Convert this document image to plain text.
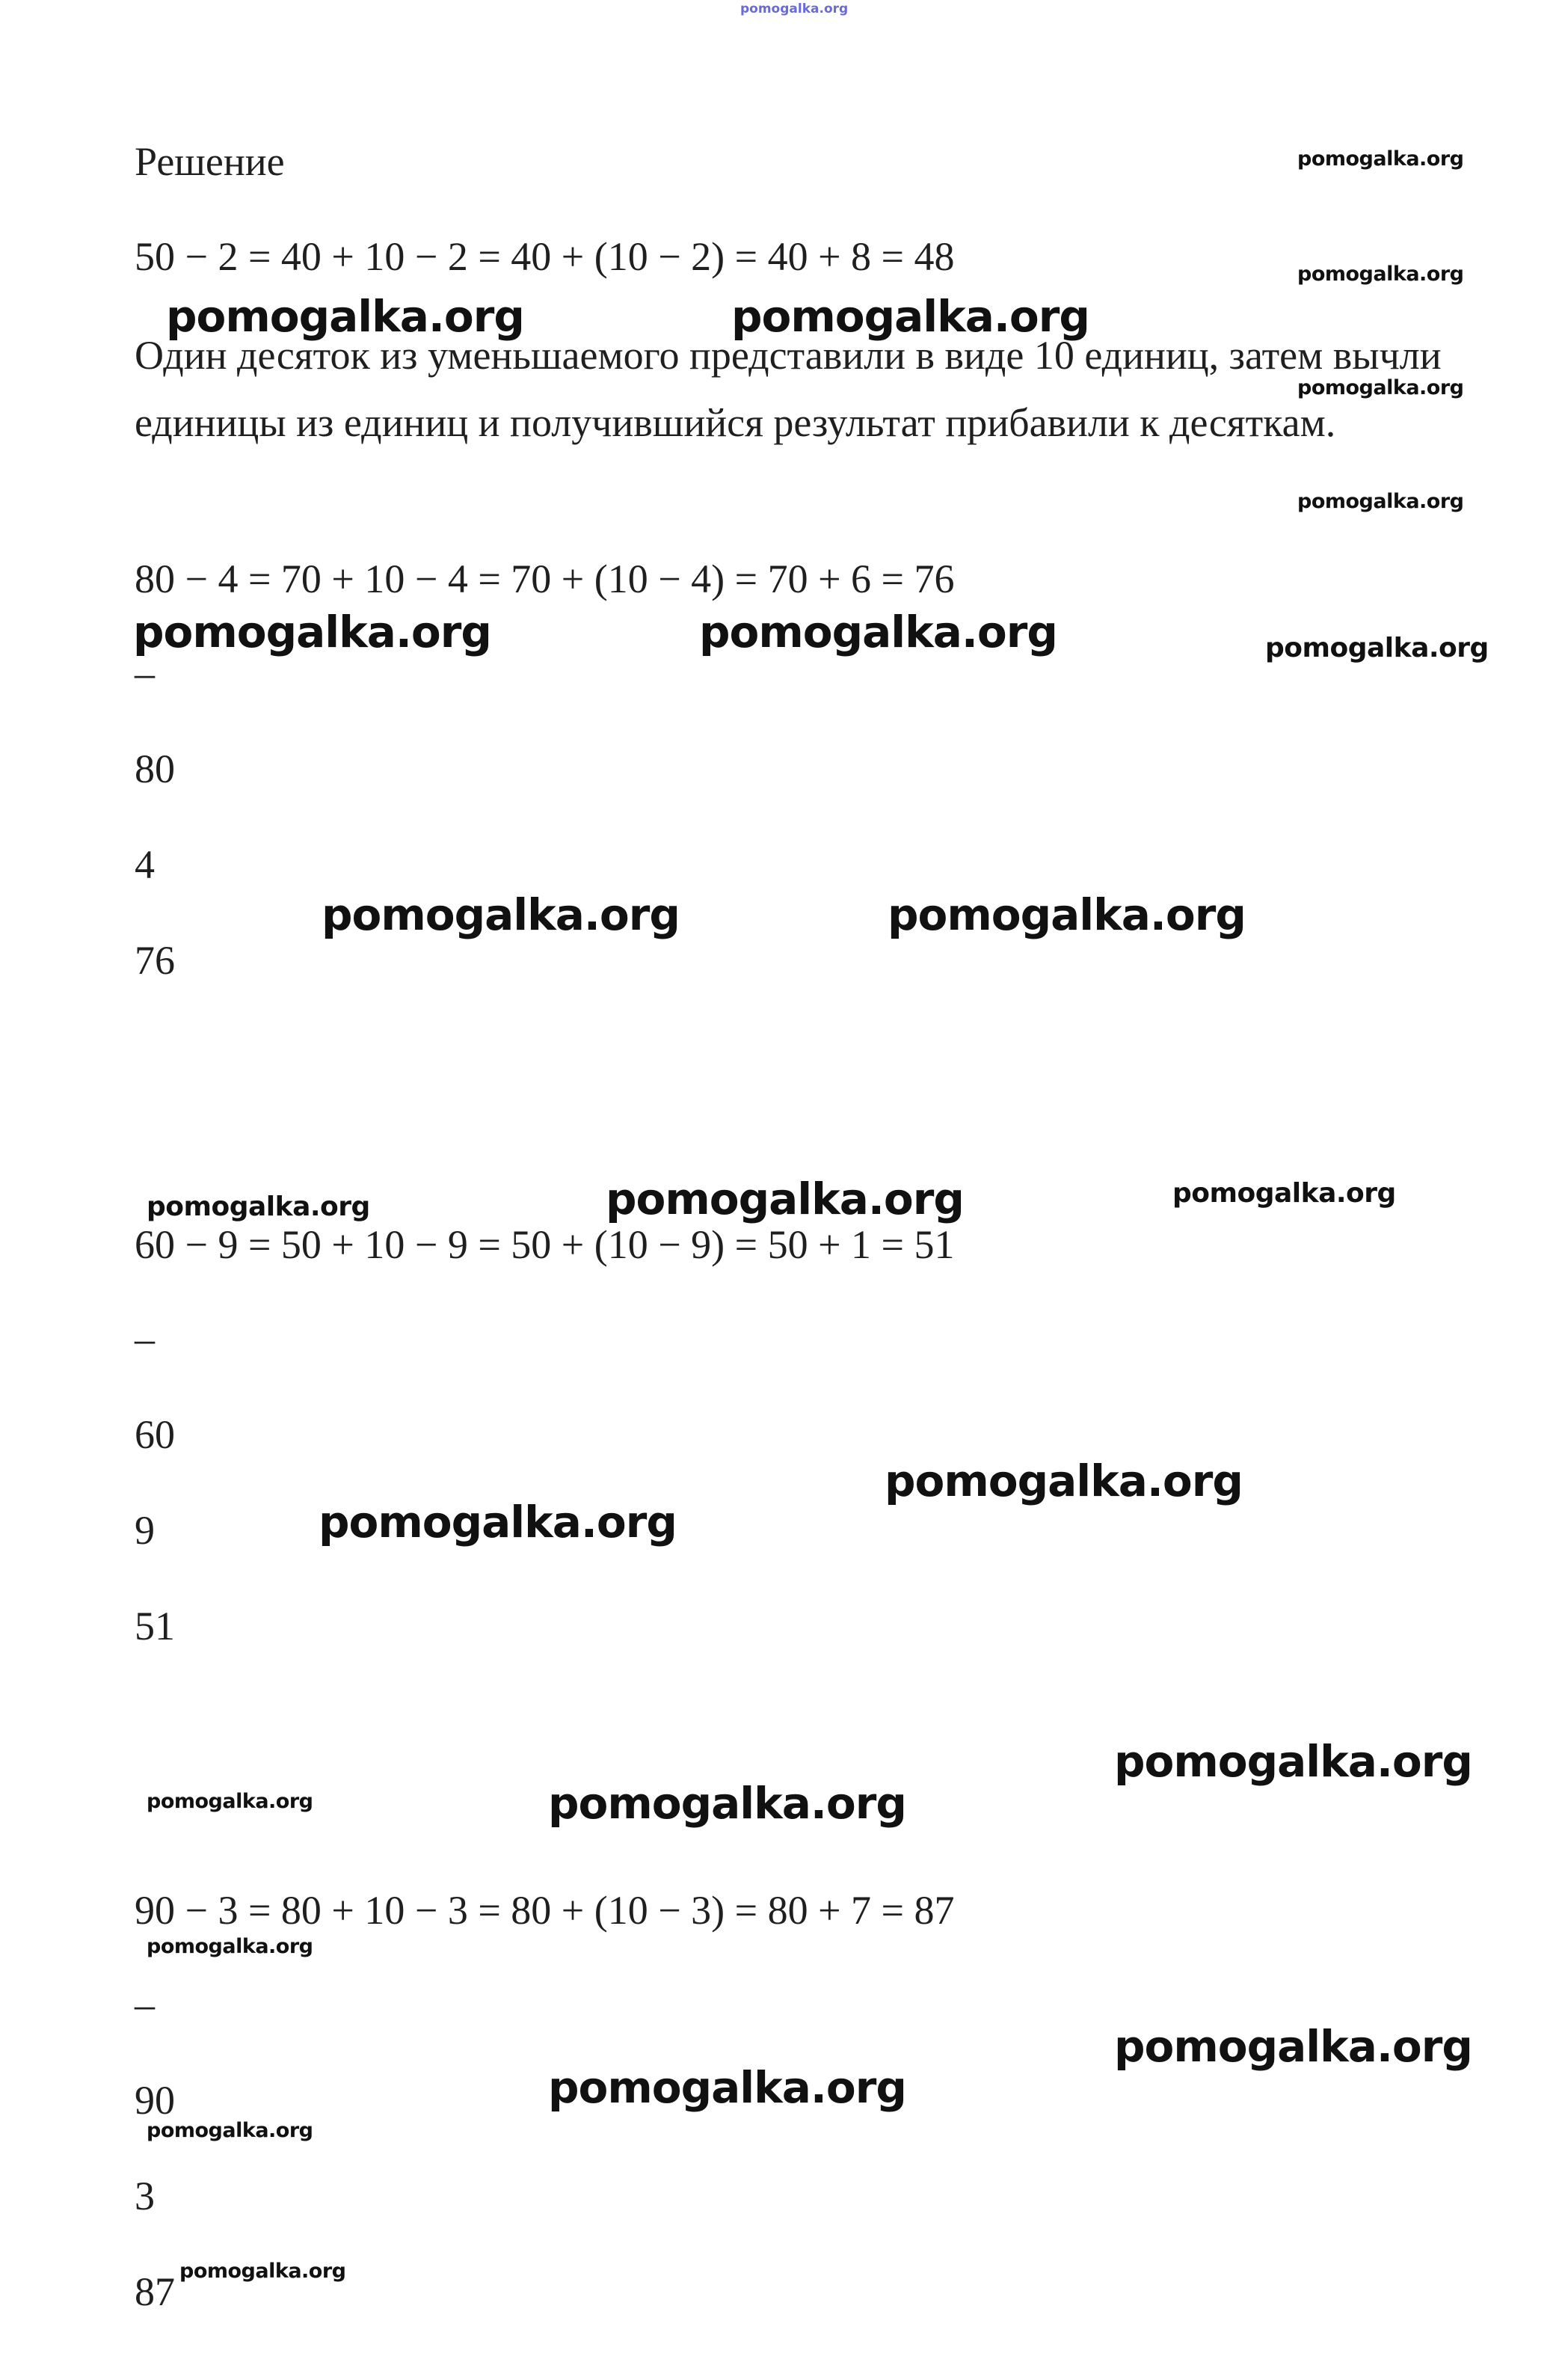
pomogalka.org
Решение
50 − 2 = 40 + 10 − 2 = 40 + (10 − 2) = 40 + 8 = 48
Один десяток из уменьшаемого представили в виде 10 единиц, затем вычли единицы из единиц и получившийся результат прибавили к десяткам.
80 − 4 = 70 + 10 − 4 = 70 + (10 − 4) = 70 + 6 = 76
–
80
4
76
60 − 9 = 50 + 10 − 9 = 50 + (10 − 9) = 50 + 1 = 51
–
60
9
51
90 − 3 = 80 + 10 − 3 = 80 + (10 − 3) = 80 + 7 = 87
–
90
3
87
pomogalka.org
pomogalka.org
pomogalka.org
pomogalka.org
pomogalka.org
pomogalka.org	pomogalka.org
pomogalka.org	pomogalka.org
pomogalka.org	pomogalka.org
pomogalka.org	pomogalka.org	pomogalka.org
pomogalka.org
pomogalka.org
pomogalka.org
pomogalka.org	pomogalka.org
pomogalka.org
pomogalka.org
pomogalka.org
pomogalka.org
pomogalka.org
